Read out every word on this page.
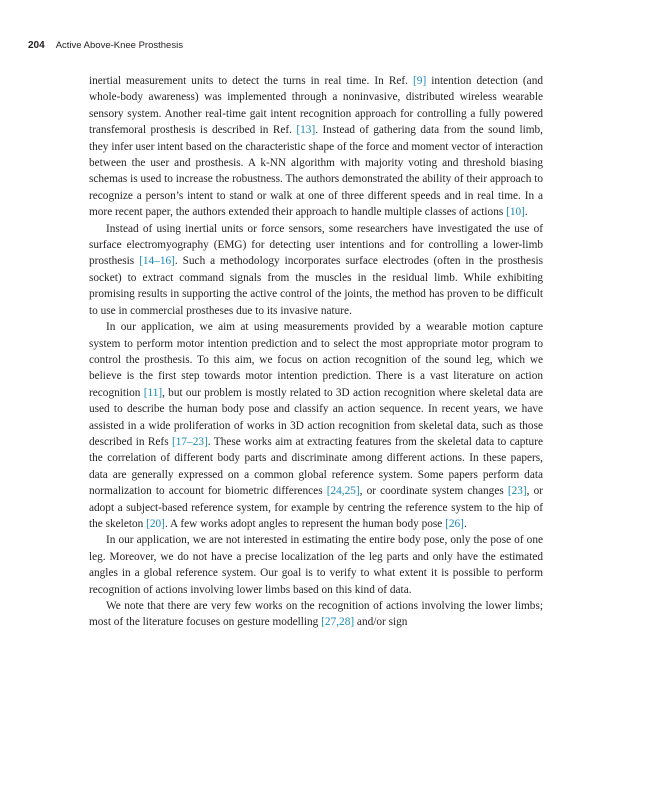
204 Active Above-Knee Prosthesis

inertial measurement units to detect the turns in real time. In Ref. [9] intention detection (and whole-body awareness) was implemented through a noninvasive, distributed wireless wearable sensory system. Another real-time gait intent recognition approach for controlling a fully powered transfemoral prosthesis is described in Ref. [13]. Instead of gathering data from the sound limb, they infer user intent based on the characteristic shape of the force and moment vector of interaction between the user and prosthesis. A k-NN algorithm with majority voting and threshold biasing schemas is used to increase the robustness. The authors demonstrated the ability of their approach to recognize a person’s intent to stand or walk at one of three different speeds and in real time. In a more recent paper, the authors extended their approach to handle multiple classes of actions [10].

Instead of using inertial units or force sensors, some researchers have investigated the use of surface electromyography (EMG) for detecting user intentions and for controlling a lower-limb prosthesis [14–16]. Such a methodology incorporates surface electrodes (often in the prosthesis socket) to extract command signals from the muscles in the residual limb. While exhibiting promising results in supporting the active control of the joints, the method has proven to be difficult to use in commercial prostheses due to its invasive nature.

In our application, we aim at using measurements provided by a wearable motion capture system to perform motor intention prediction and to select the most appropriate motor program to control the prosthesis. To this aim, we focus on action recognition of the sound leg, which we believe is the first step towards motor intention prediction. There is a vast literature on action recognition [11], but our problem is mostly related to 3D action recognition where skeletal data are used to describe the human body pose and classify an action sequence. In recent years, we have assisted in a wide proliferation of works in 3D action recognition from skeletal data, such as those described in Refs [17–23]. These works aim at extracting features from the skeletal data to capture the correlation of different body parts and discriminate among different actions. In these papers, data are generally expressed on a common global reference system. Some papers perform data normalization to account for biometric differences [24,25], or coordinate system changes [23], or adopt a subject-based reference system, for example by centring the reference system to the hip of the skeleton [20]. A few works adopt angles to represent the human body pose [26].

In our application, we are not interested in estimating the entire body pose, only the pose of one leg. Moreover, we do not have a precise localization of the leg parts and only have the estimated angles in a global reference system. Our goal is to verify to what extent it is possible to perform recognition of actions involving lower limbs based on this kind of data.

We note that there are very few works on the recognition of actions involving the lower limbs; most of the literature focuses on gesture modelling [27,28] and/or sign
